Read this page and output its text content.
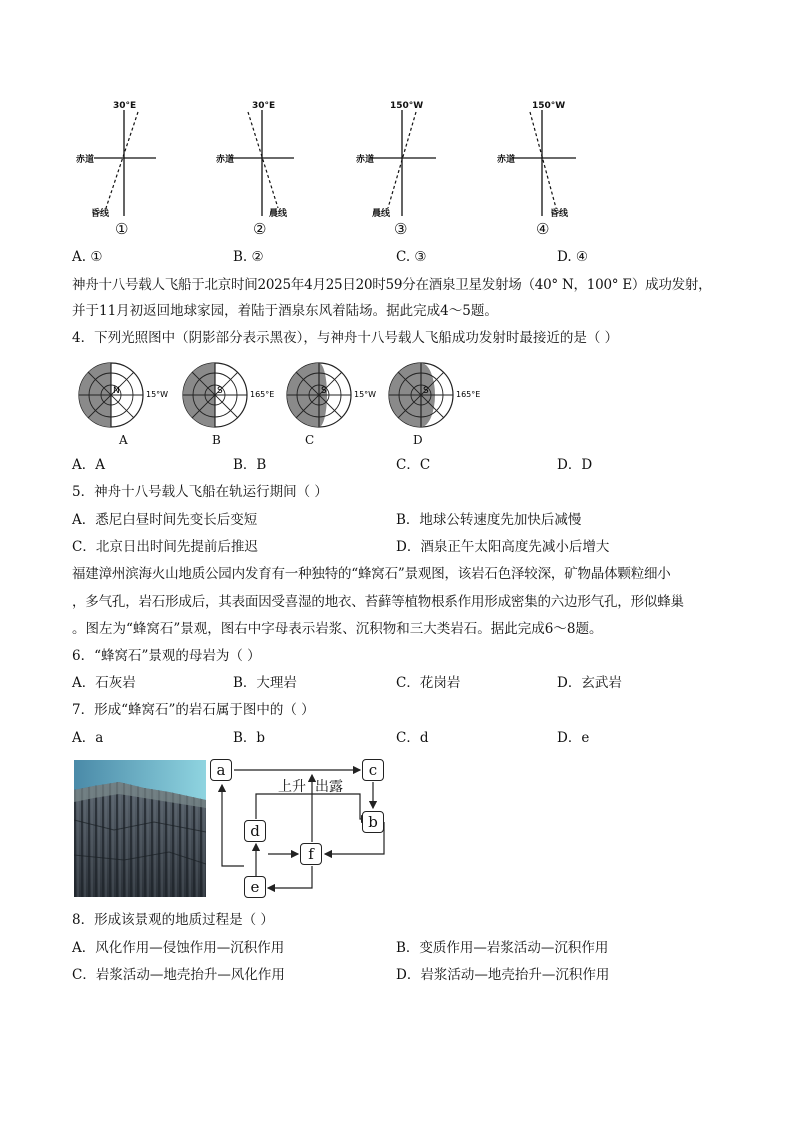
30°E
赤道
昏线
①
30°E
赤道
晨线
②
150°W
赤道
晨线
③
150°W
赤道
昏线
④
A. ①	B. ②	C. ③	D. ④
神舟十八号载人飞船于北京时间2025年4月25日20时59分在酒泉卫星发射场（40° N，100° E）成功发射，
并于11月初返回地球家园，着陆于酒泉东风着陆场。据此完成4～5题。
4．下列光照图中（阴影部分表示黑夜），与神舟十八号载人飞船成功发射时最接近的是（ ）
N	15°W
A
S	165°E
B
S	15°W
C
S	165°E
D
A．A	B．B	C．C	D．D
5．神舟十八号载人飞船在轨运行期间（ ）
A．悉尼白昼时间先变长后变短	B．地球公转速度先加快后减慢
C．北京日出时间先提前后推迟	D．酒泉正午太阳高度先减小后增大
福建漳州滨海火山地质公园内发育有一种独特的“蜂窝石”景观图，该岩石色泽较深，矿物晶体颗粒细小
，多气孔，岩石形成后，其表面因受喜湿的地衣、苔藓等植物根系作用形成密集的六边形气孔，形似蜂巢
。图左为“蜂窝石”景观，图右中字母表示岩浆、沉积物和三大类岩石。据此完成6～8题。
6．“蜂窝石”景观的母岩为（ ）
A．石灰岩	B．大理岩	C．花岗岩	D．玄武岩
7．形成“蜂窝石”的岩石属于图中的（ ）
A．a	B．b	C．d	D．e
a	c
b
d
f
e
上升 出露
8．形成该景观的地质过程是（ ）
A．风化作用—侵蚀作用—沉积作用	B．变质作用—岩浆活动—沉积作用
C．岩浆活动—地壳抬升—风化作用	D．岩浆活动—地壳抬升—沉积作用
